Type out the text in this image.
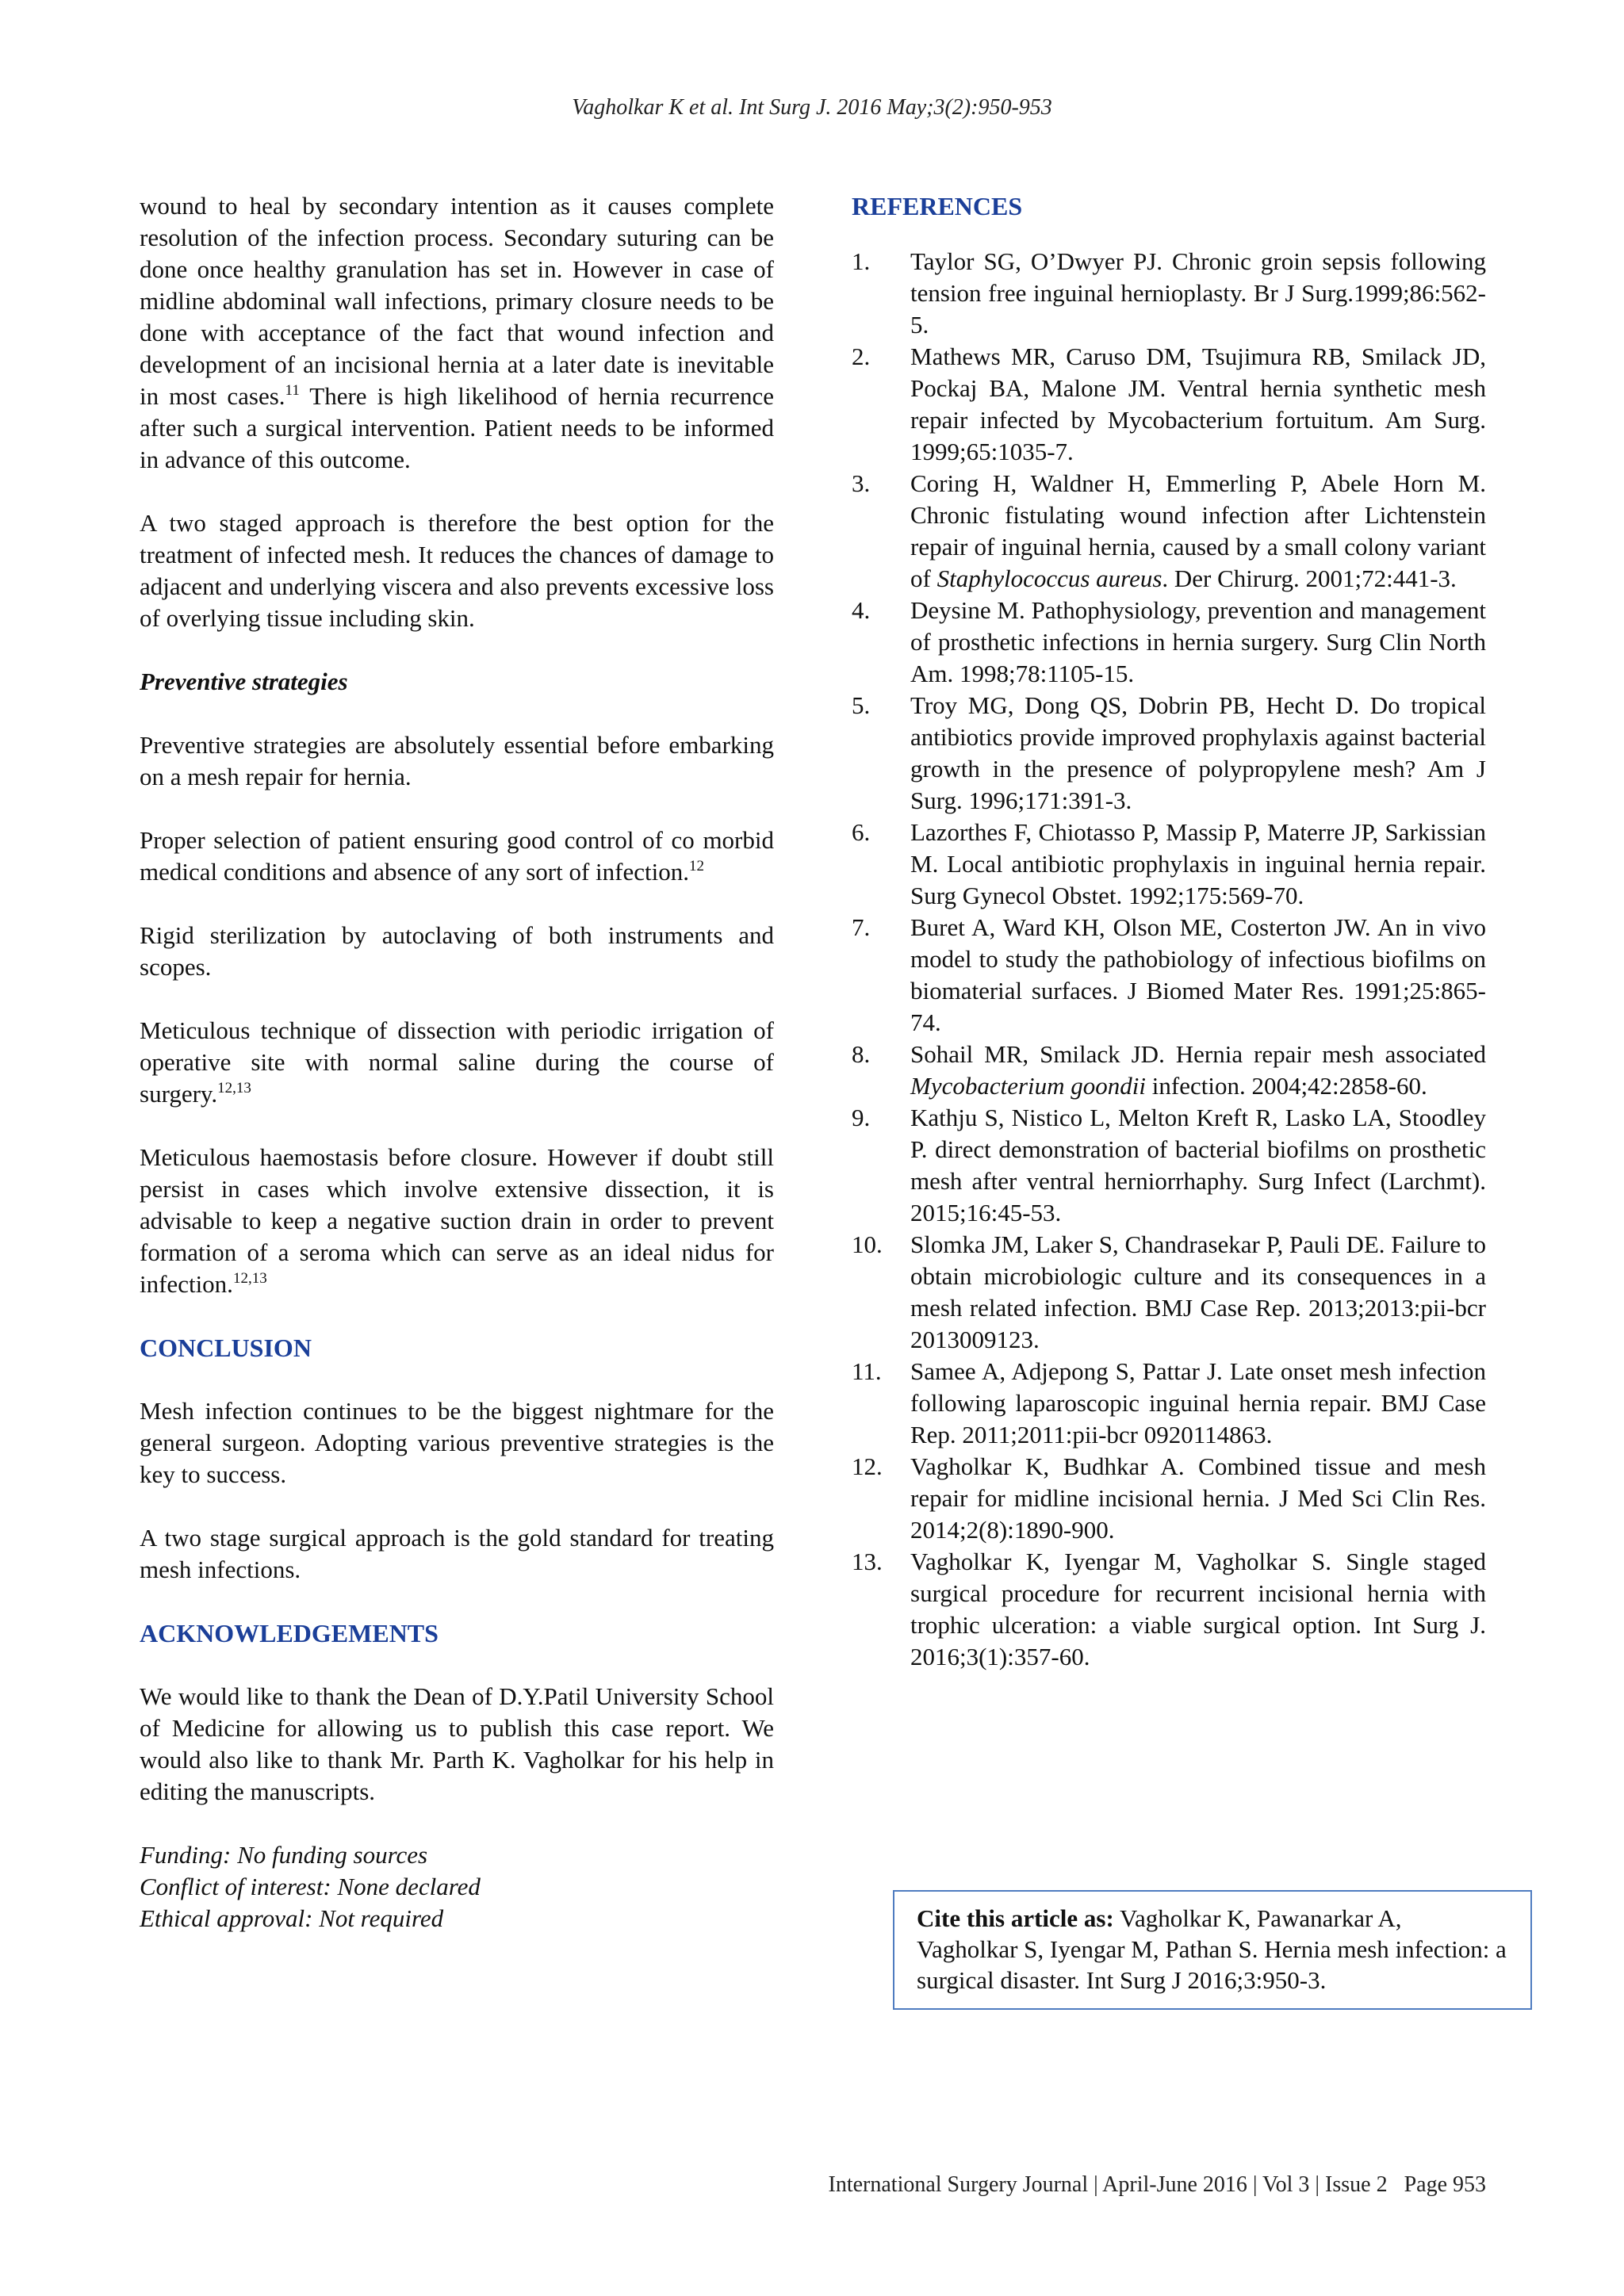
Vagholkar K et al. Int Surg J. 2016 May;3(2):950-953

wound to heal by secondary intention as it causes complete resolution of the infection process. Secondary suturing can be done once healthy granulation has set in. However in case of midline abdominal wall infections, primary closure needs to be done with acceptance of the fact that wound infection and development of an incisional hernia at a later date is inevitable in most cases.$^{11}$ There is high likelihood of hernia recurrence after such a surgical intervention. Patient needs to be informed in advance of this outcome.

A two staged approach is therefore the best option for the treatment of infected mesh. It reduces the chances of damage to adjacent and underlying viscera and also prevents excessive loss of overlying tissue including skin.

Preventive strategies

Preventive strategies are absolutely essential before embarking on a mesh repair for hernia.

Proper selection of patient ensuring good control of co morbid medical conditions and absence of any sort of infection.$^{12}$

Rigid sterilization by autoclaving of both instruments and scopes.

Meticulous technique of dissection with periodic irrigation of operative site with normal saline during the course of surgery.$^{12,13}$

Meticulous haemostasis before closure. However if doubt still persist in cases which involve extensive dissection, it is advisable to keep a negative suction drain in order to prevent formation of a seroma which can serve as an ideal nidus for infection.$^{12,13}$

CONCLUSION

Mesh infection continues to be the biggest nightmare for the general surgeon. Adopting various preventive strategies is the key to success.

A two stage surgical approach is the gold standard for treating mesh infections.

ACKNOWLEDGEMENTS

We would like to thank the Dean of D.Y.Patil University School of Medicine for allowing us to publish this case report. We would also like to thank Mr. Parth K. Vagholkar for his help in editing the manuscripts.

Funding: No funding sources
Conflict of interest: None declared
Ethical approval: Not required
REFERENCES
1. Taylor SG, O’Dwyer PJ. Chronic groin sepsis following tension free inguinal hernioplasty. Br J Surg.1999;86:562-5.
2. Mathews MR, Caruso DM, Tsujimura RB, Smilack JD, Pockaj BA, Malone JM. Ventral hernia synthetic mesh repair infected by Mycobacterium fortuitum. Am Surg. 1999;65:1035-7.
3. Coring H, Waldner H, Emmerling P, Abele Horn M. Chronic fistulating wound infection after Lichtenstein repair of inguinal hernia, caused by a small colony variant of Staphylococcus aureus. Der Chirurg. 2001;72:441-3.
4. Deysine M. Pathophysiology, prevention and management of prosthetic infections in hernia surgery. Surg Clin North Am. 1998;78:1105-15.
5. Troy MG, Dong QS, Dobrin PB, Hecht D. Do tropical antibiotics provide improved prophylaxis against bacterial growth in the presence of polypropylene mesh? Am J Surg. 1996;171:391-3.
6. Lazorthes F, Chiotasso P, Massip P, Materre JP, Sarkissian M. Local antibiotic prophylaxis in inguinal hernia repair. Surg Gynecol Obstet. 1992;175:569-70.
7. Buret A, Ward KH, Olson ME, Costerton JW. An in vivo model to study the pathobiology of infectious biofilms on biomaterial surfaces. J Biomed Mater Res. 1991;25:865-74.
8. Sohail MR, Smilack JD. Hernia repair mesh associated Mycobacterium goondii infection. 2004;42:2858-60.
9. Kathju S, Nistico L, Melton Kreft R, Lasko LA, Stoodley P. direct demonstration of bacterial biofilms on prosthetic mesh after ventral herniorrhaphy. Surg Infect (Larchmt). 2015;16:45-53.
10. Slomka JM, Laker S, Chandrasekar P, Pauli DE. Failure to obtain microbiologic culture and its consequences in a mesh related infection. BMJ Case Rep. 2013;2013:pii-bcr 2013009123.
11. Samee A, Adjepong S, Pattar J. Late onset mesh infection following laparoscopic inguinal hernia repair. BMJ Case Rep. 2011;2011:pii-bcr 0920114863.
12. Vagholkar K, Budhkar A. Combined tissue and mesh repair for midline incisional hernia. J Med Sci Clin Res. 2014;2(8):1890-900.
13. Vagholkar K, Iyengar M, Vagholkar S. Single staged surgical procedure for recurrent incisional hernia with trophic ulceration: a viable surgical option. Int Surg J. 2016;3(1):357-60.
Cite this article as: Vagholkar K, Pawanarkar A, Vagholkar S, Iyengar M, Pathan S. Hernia mesh infection: a surgical disaster. Int Surg J 2016;3:950-3.
International Surgery Journal | April-June 2016 | Vol 3 | Issue 2   Page 953
